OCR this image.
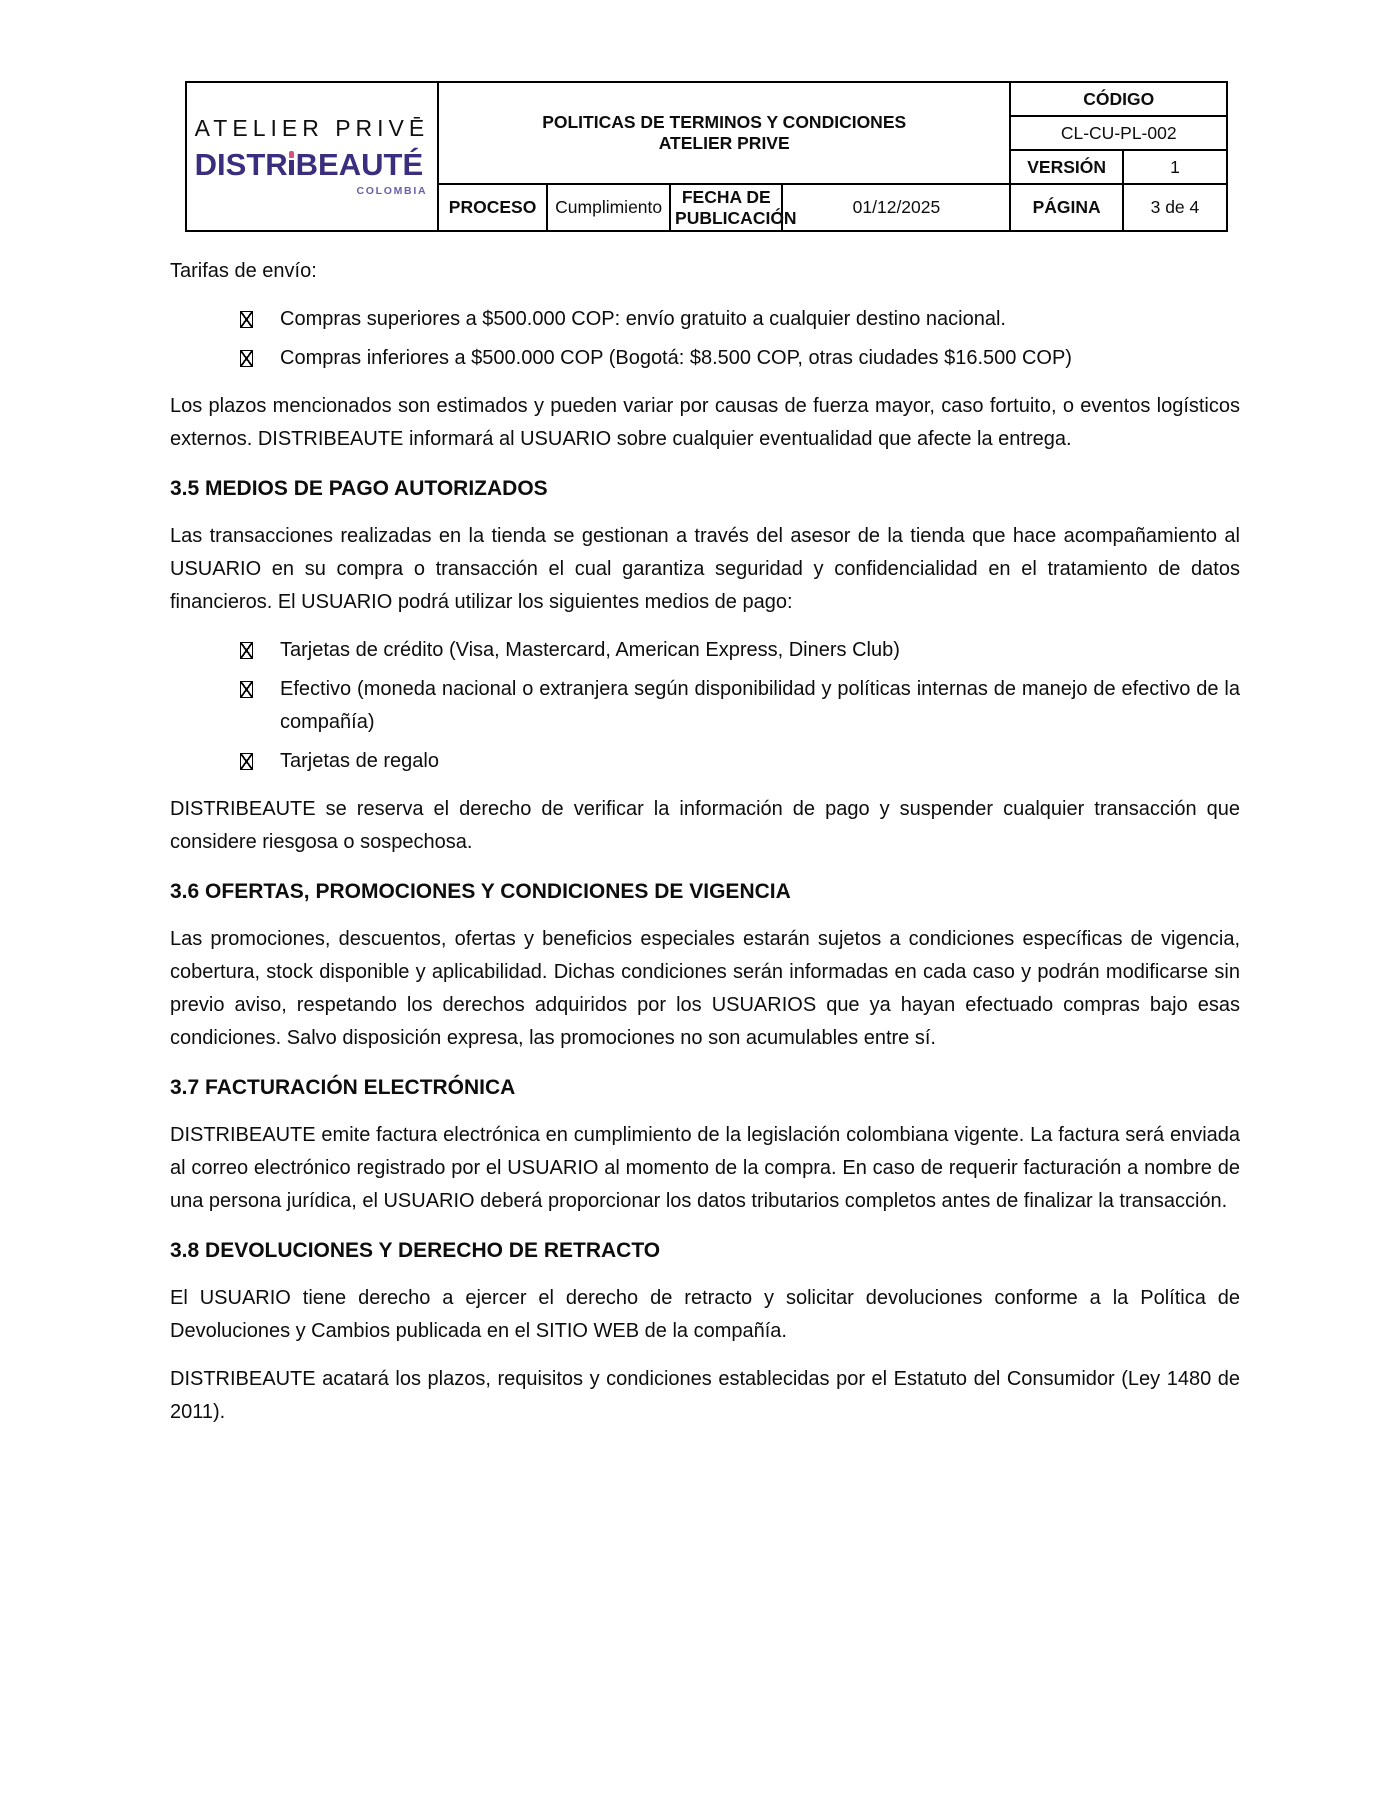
ATELIER PRIVĒ
DISTR BEAUTÉ
COLOMBIA

POLITICAS DE TERMINOS Y CONDICIONES
ATELIER PRIVE
	CÓDIGO
					CL-CU-PL-002	
					VERSIÓN	1
	PROCESO	Cumplimiento	FECHA DE PUBLICACIÓN	01/12/2025	PÁGINA	3 de 4

Tarifas de envío:

Compras superiores a $500.000 COP: envío gratuito a cualquier destino nacional.
Compras inferiores a $500.000 COP (Bogotá: $8.500 COP, otras ciudades $16.500 COP)

Los plazos mencionados son estimados y pueden variar por causas de fuerza mayor, caso fortuito, o eventos logísticos externos. DISTRIBEAUTE informará al USUARIO sobre cualquier eventualidad que afecte la entrega.

3.5 MEDIOS DE PAGO AUTORIZADOS

Las transacciones realizadas en la tienda se gestionan a través del asesor de la tienda que hace acompañamiento al USUARIO en su compra o transacción el cual garantiza seguridad y confidencialidad en el tratamiento de datos financieros. El USUARIO podrá utilizar los siguientes medios de pago:

Tarjetas de crédito (Visa, Mastercard, American Express, Diners Club)
Efectivo (moneda nacional o extranjera según disponibilidad y políticas internas de manejo de efectivo de la compañía)
Tarjetas de regalo

DISTRIBEAUTE se reserva el derecho de verificar la información de pago y suspender cualquier transacción que considere riesgosa o sospechosa.

3.6 OFERTAS, PROMOCIONES Y CONDICIONES DE VIGENCIA

Las promociones, descuentos, ofertas y beneficios especiales estarán sujetos a condiciones específicas de vigencia, cobertura, stock disponible y aplicabilidad. Dichas condiciones serán informadas en cada caso y podrán modificarse sin previo aviso, respetando los derechos adquiridos por los USUARIOS que ya hayan efectuado compras bajo esas condiciones. Salvo disposición expresa, las promociones no son acumulables entre sí.

3.7 FACTURACIÓN ELECTRÓNICA

DISTRIBEAUTE emite factura electrónica en cumplimiento de la legislación colombiana vigente. La factura será enviada al correo electrónico registrado por el USUARIO al momento de la compra. En caso de requerir facturación a nombre de una persona jurídica, el USUARIO deberá proporcionar los datos tributarios completos antes de finalizar la transacción.

3.8 DEVOLUCIONES Y DERECHO DE RETRACTO

El USUARIO tiene derecho a ejercer el derecho de retracto y solicitar devoluciones conforme a la Política de Devoluciones y Cambios publicada en el SITIO WEB de la compañía.

DISTRIBEAUTE acatará los plazos, requisitos y condiciones establecidas por el Estatuto del Consumidor (Ley 1480 de 2011).
